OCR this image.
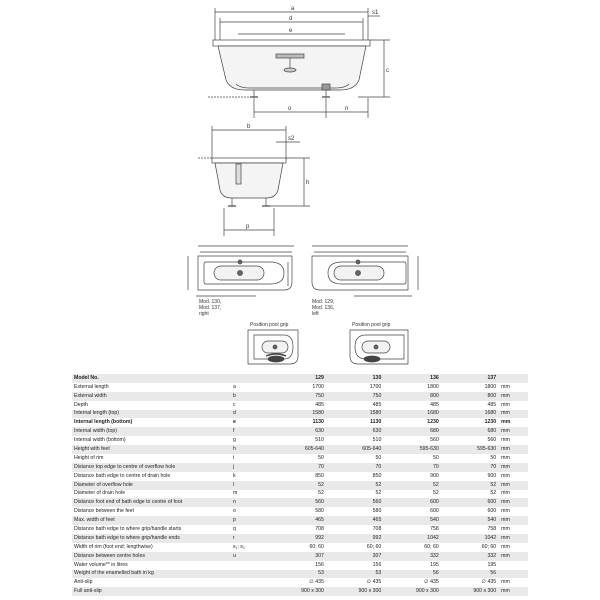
a
d
e
s1
c
o	n
b
s2
h
p
Mod. 130,
Mod. 137,
right
Mod. 129,
Mod. 136,
left
Position pool grip	Position pool grip
Model No.		129	130	136	137	
External length	a	1700	1700	1800	1800	mm
External width	b	750	750	800	800	mm
Depth	c	485	485	485	485	mm
Internal length (top)	d	1580	1580	1680	1680	mm
Internal length (bottom)	e	1130	1130	1230	1230	mm
Internal width (top)	f	630	630	680	680	mm
Internal width (bottom)	g	510	510	560	560	mm
Height with feet	h	605-640	605-640	595-630	595-630	mm
Height of rim	i	50	50	50	50	mm
Distance top edge to centre of overflow hole	j	70	70	70	70	mm
Distance bath edge to centre of drain hole	k	850	850	900	900	mm
Diameter of overflow hole	l	52	52	52	52	mm
Diameter of drain hole	m	52	52	52	52	mm
Distance foot end of bath edge to centre of foot	n	560	560	600	600	mm
Distance between the feet	o	580	580	600	600	mm
Max. width of feet	p	465	465	540	540	mm
Distance bath edge to where grip/handle starts	q	708	708	758	758	mm
Distance bath edge to where grip/handle ends	r	992	992	1042	1042	mm
Width of rim (foot end; lengthwise)	s₁; s₂	60; 60	60; 60	60; 60	60; 60	mm
Distance between centre holes	u	307	307	332	332	mm
Water volume** in litres		156	156	195	195	
Weight of the enamelled bath in kg		53	53	56	56	
Anti-slip		∅ 435	∅ 435	∅ 435	∅ 435	mm
Full anti-slip		900 x 300	900 x 300	900 x 300	900 x 300	mm
